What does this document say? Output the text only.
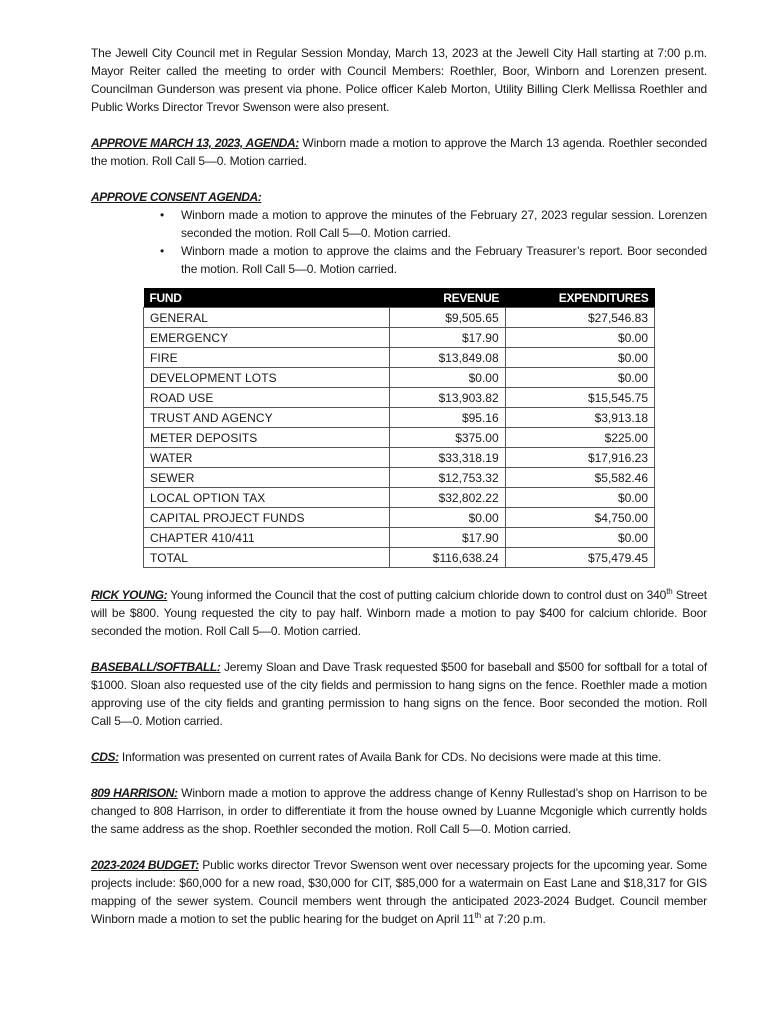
The Jewell City Council met in Regular Session Monday, March 13, 2023 at the Jewell City Hall starting at 7:00 p.m. Mayor Reiter called the meeting to order with Council Members: Roethler, Boor, Winborn and Lorenzen present. Councilman Gunderson was present via phone. Police officer Kaleb Morton, Utility Billing Clerk Mellissa Roethler and Public Works Director Trevor Swenson were also present.

APPROVE MARCH 13, 2023, AGENDA: Winborn made a motion to approve the March 13 agenda. Roethler seconded the motion. Roll Call 5—0. Motion carried.

APPROVE CONSENT AGENDA:

• Winborn made a motion to approve the minutes of the February 27, 2023 regular session. Lorenzen seconded the motion. Roll Call 5—0. Motion carried.
• Winborn made a motion to approve the claims and the February Treasurer’s report. Boor seconded the motion. Roll Call 5—0. Motion carried.
FUND	REVENUE	EXPENDITURES
GENERAL	$9,505.65	$27,546.83
EMERGENCY	$17.90	$0.00
FIRE	$13,849.08	$0.00
DEVELOPMENT LOTS	$0.00	$0.00
ROAD USE	$13,903.82	$15,545.75
TRUST AND AGENCY	$95.16	$3,913.18
METER DEPOSITS	$375.00	$225.00
WATER	$33,318.19	$17,916.23
SEWER	$12,753.32	$5,582.46
LOCAL OPTION TAX	$32,802.22	$0.00
CAPITAL PROJECT FUNDS	$0.00	$4,750.00
CHAPTER 410/411	$17.90	$0.00
TOTAL	$116,638.24	$75,479.45

RICK YOUNG: Young informed the Council that the cost of putting calcium chloride down to control dust on 340th Street will be $800. Young requested the city to pay half. Winborn made a motion to pay $400 for calcium chloride. Boor seconded the motion. Roll Call 5—0. Motion carried.

BASEBALL/SOFTBALL: Jeremy Sloan and Dave Trask requested $500 for baseball and $500 for softball for a total of $1000. Sloan also requested use of the city fields and permission to hang signs on the fence. Roethler made a motion approving use of the city fields and granting permission to hang signs on the fence. Boor seconded the motion. Roll Call 5—0. Motion carried.

CDS: Information was presented on current rates of Availa Bank for CDs. No decisions were made at this time.

809 HARRISON: Winborn made a motion to approve the address change of Kenny Rullestad’s shop on Harrison to be changed to 808 Harrison, in order to differentiate it from the house owned by Luanne Mcgonigle which currently holds the same address as the shop. Roethler seconded the motion. Roll Call 5—0. Motion carried.

2023-2024 BUDGET: Public works director Trevor Swenson went over necessary projects for the upcoming year. Some projects include: $60,000 for a new road, $30,000 for CIT, $85,000 for a watermain on East Lane and $18,317 for GIS mapping of the sewer system. Council members went through the anticipated 2023-2024 Budget. Council member Winborn made a motion to set the public hearing for the budget on April 11th at 7:20 p.m.
